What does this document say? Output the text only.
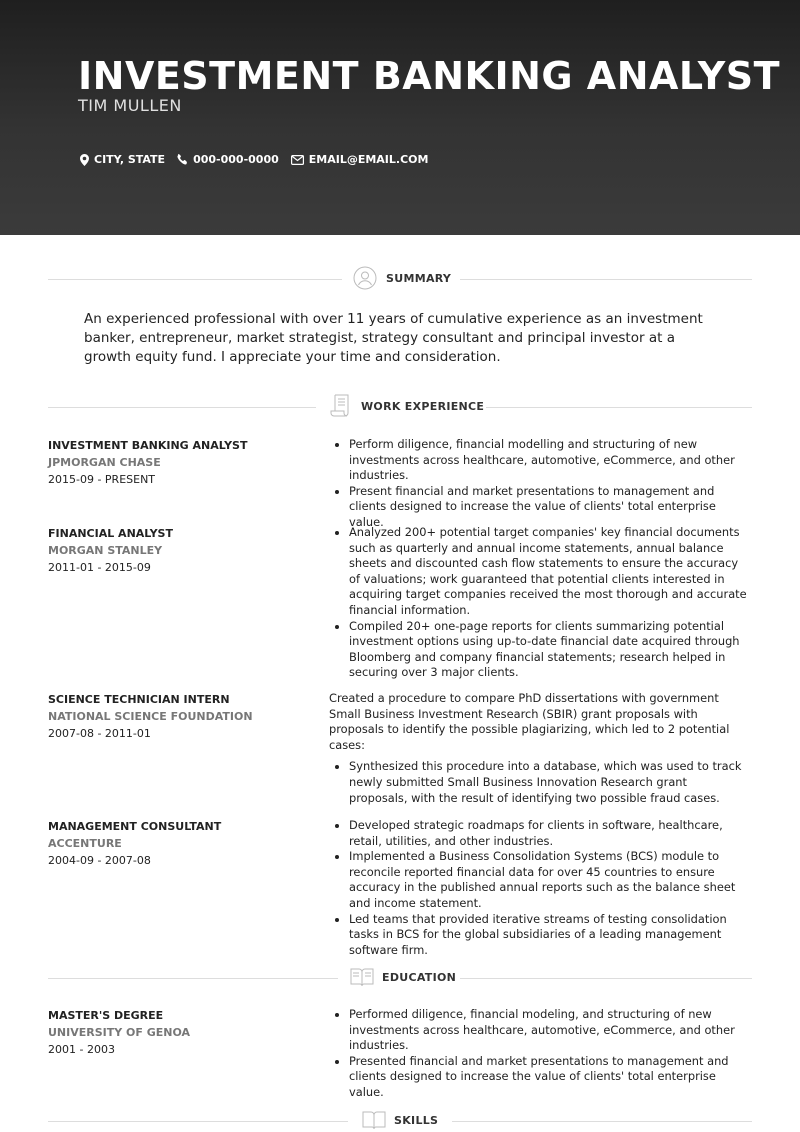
INVESTMENT BANKING ANALYST
TIM MULLEN
CITY, STATE	000-000-0000	EMAIL@EMAIL.COM
SUMMARY
An experienced professional with over 11 years of cumulative experience as an investment banker, entrepreneur, market strategist, strategy consultant and principal investor at a growth equity fund. I appreciate your time and consideration.
WORK EXPERIENCE
INVESTMENT BANKING ANALYST
JPMORGAN CHASE
2015-09 - PRESENT
• Perform diligence, financial modelling and structuring of new investments across healthcare, automotive, eCommerce, and other industries.
• Present financial and market presentations to management and clients designed to increase the value of clients' total enterprise value.
FINANCIAL ANALYST
MORGAN STANLEY
2011-01 - 2015-09
• Analyzed 200+ potential target companies' key financial documents such as quarterly and annual income statements, annual balance sheets and discounted cash flow statements to ensure the accuracy of valuations; work guaranteed that potential clients interested in acquiring target companies received the most thorough and accurate financial information.
• Compiled 20+ one-page reports for clients summarizing potential investment options using up-to-date financial date acquired through Bloomberg and company financial statements; research helped in securing over 3 major clients.
SCIENCE TECHNICIAN INTERN
NATIONAL SCIENCE FOUNDATION
2007-08 - 2011-01

Created a procedure to compare PhD dissertations with government Small Business Investment Research (SBIR) grant proposals with proposals to identify the possible plagiarizing, which led to 2 potential cases:

• Synthesized this procedure into a database, which was used to track newly submitted Small Business Innovation Research grant proposals, with the result of identifying two possible fraud cases.
MANAGEMENT CONSULTANT
ACCENTURE
2004-09 - 2007-08
• Developed strategic roadmaps for clients in software, healthcare, retail, utilities, and other industries.
• Implemented a Business Consolidation Systems (BCS) module to reconcile reported financial data for over 45 countries to ensure accuracy in the published annual reports such as the balance sheet and income statement.
• Led teams that provided iterative streams of testing consolidation tasks in BCS for the global subsidiaries of a leading management software firm.
EDUCATION
MASTER'S DEGREE
UNIVERSITY OF GENOA
2001 - 2003
• Performed diligence, financial modeling, and structuring of new investments across healthcare, automotive, eCommerce, and other industries.
• Presented financial and market presentations to management and clients designed to increase the value of clients' total enterprise value.
SKILLS
